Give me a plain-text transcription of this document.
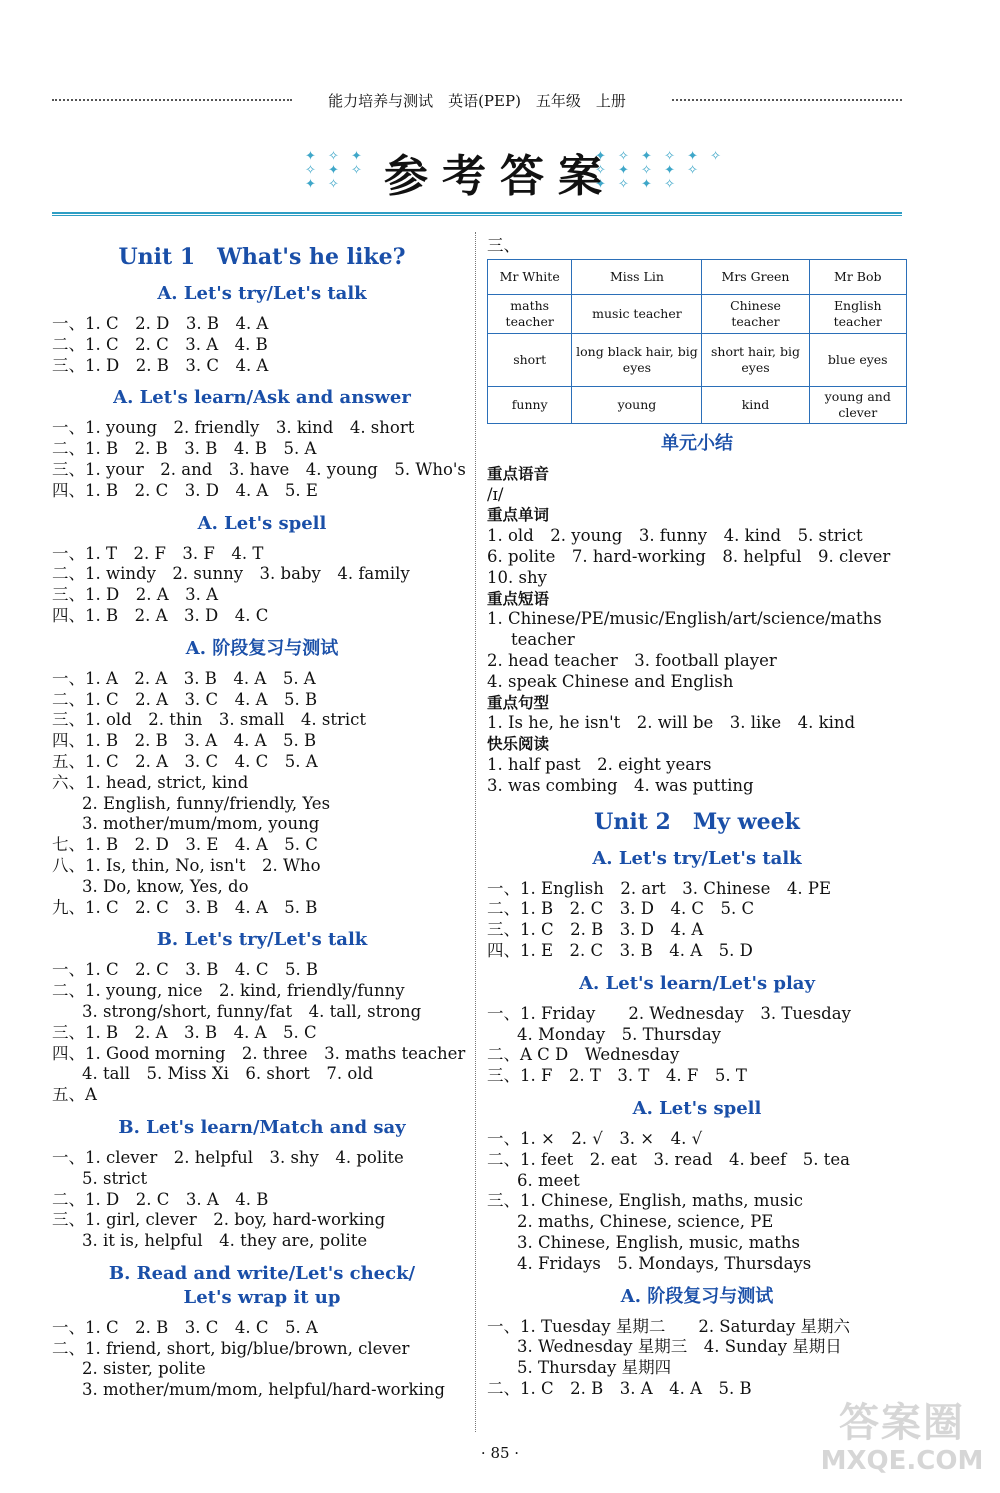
能力培养与测试　英语(PEP)　五年级　上册
✦ ✧ ✦
✧ ✦ ✧
✦ ✧
✦ ✧ ✦ ✧ ✦ ✧
✧ ✦ ✧ ✦ ✧
✦ ✧ ✦ ✧
参考答案
Unit 1　What's he like?
A. Let's try/Let's talk
一、1. C　2. D　3. B　4. A
二、1. C　2. C　3. A　4. B
三、1. D　2. B　3. C　4. A
A. Let's learn/Ask and answer
一、1. young　2. friendly　3. kind　4. short
二、1. B　2. B　3. B　4. B　5. A
三、1. your　2. and　3. have　4. young　5. Who's
四、1. B　2. C　3. D　4. A　5. E
A. Let's spell
一、1. T　2. F　3. F　4. T
二、1. windy　2. sunny　3. baby　4. family
三、1. D　2. A　3. A
四、1. B　2. A　3. D　4. C
A. 阶段复习与测试
一、1. A　2. A　3. B　4. A　5. A
二、1. C　2. A　3. C　4. A　5. B
三、1. old　2. thin　3. small　4. strict
四、1. B　2. B　3. A　4. A　5. B
五、1. C　2. A　3. C　4. C　5. A
六、1. head, strict, kind
2. English, funny/friendly, Yes
3. mother/mum/mom, young
七、1. B　2. D　3. E　4. A　5. C
八、1. Is, thin, No, isn't　2. Who
3. Do, know, Yes, do
九、1. C　2. C　3. B　4. A　5. B
B. Let's try/Let's talk
一、1. C　2. C　3. B　4. C　5. B
二、1. young, nice　2. kind, friendly/funny
3. strong/short, funny/fat　4. tall, strong
三、1. B　2. A　3. B　4. A　5. C
四、1. Good morning　2. three　3. maths teacher
4. tall　5. Miss Xi　6. short　7. old
五、A
B. Let's learn/Match and say
一、1. clever　2. helpful　3. shy　4. polite
5. strict
二、1. D　2. C　3. A　4. B
三、1. girl, clever　2. boy, hard-working
3. it is, helpful　4. they are, polite
B. Read and write/Let's check/
Let's wrap it up
一、1. C　2. B　3. C　4. C　5. A
二、1. friend, short, big/blue/brown, clever
2. sister, polite
3. mother/mum/mom, helpful/hard-working
三、
Mr White	Miss Lin	Mrs Green	Mr Bob
maths teacher	music teacher	Chinese teacher	English teacher
short	long black hair, big eyes	short hair, big eyes	blue eyes
funny	young	kind	young and clever
单元小结
重点语音
/ɪ/
重点单词
1. old　2. young　3. funny　4. kind　5. strict
6. polite　7. hard-working　8. helpful　9. clever
10. shy
重点短语
1. Chinese/PE/music/English/art/science/maths
teacher
2. head teacher　3. football player
4. speak Chinese and English
重点句型
1. Is he, he isn't　2. will be　3. like　4. kind
快乐阅读
1. half past　2. eight years
3. was combing　4. was putting
Unit 2　My week
A. Let's try/Let's talk
一、1. English　2. art　3. Chinese　4. PE
二、1. B　2. C　3. D　4. C　5. C
三、1. C　2. B　3. D　4. A
四、1. E　2. C　3. B　4. A　5. D
A. Let's learn/Let's play
一、1. Friday　　2. Wednesday　3. Tuesday
4. Monday　5. Thursday
二、A C D　Wednesday
三、1. F　2. T　3. T　4. F　5. T
A. Let's spell
一、1. ×　2. √　3. ×　4. √
二、1. feet　2. eat　3. read　4. beef　5. tea
6. meet
三、1. Chinese, English, maths, music
2. maths, Chinese, science, PE
3. Chinese, English, music, maths
4. Fridays　5. Mondays, Thursdays
A. 阶段复习与测试
一、1. Tuesday 星期二　　2. Saturday 星期六
3. Wednesday 星期三　4. Sunday 星期日
5. Thursday 星期四
二、1. C　2. B　3. A　4. A　5. B
· 85 ·
答案圈
MXQE.COM
